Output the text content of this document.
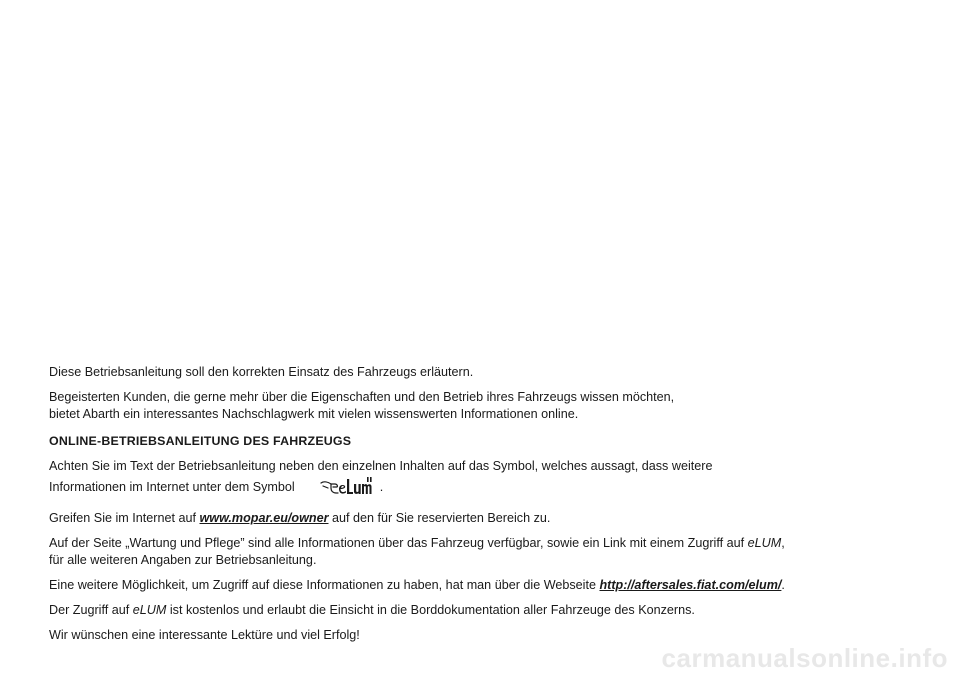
Diese Betriebsanleitung soll den korrekten Einsatz des Fahrzeugs erläutern.

Begeisterten Kunden, die gerne mehr über die Eigenschaften und den Betrieb ihres Fahrzeugs wissen möchten,
bietet Abarth ein interessantes Nachschlagwerk mit vielen wissenswerten Informationen online.

ONLINE-BETRIEBSANLEITUNG DES FAHRZEUGS

Achten Sie im Text der Betriebsanleitung neben den einzelnen Inhalten auf das Symbol, welches aussagt, dass weitere
Informationen im Internet unter dem Symbol	.

Greifen Sie im Internet auf www.mopar.eu/owner auf den für Sie reservierten Bereich zu.

Auf der Seite „Wartung und Pflege” sind alle Informationen über das Fahrzeug verfügbar, sowie ein Link mit einem Zugriff auf eLUM,
für alle weiteren Angaben zur Betriebsanleitung.

Eine weitere Möglichkeit, um Zugriff auf diese Informationen zu haben, hat man über die Webseite http://aftersales.fiat.com/elum/.

Der Zugriff auf eLUM ist kostenlos und erlaubt die Einsicht in die Borddokumentation aller Fahrzeuge des Konzerns.

Wir wünschen eine interessante Lektüre und viel Erfolg!

carmanualsonline.info
